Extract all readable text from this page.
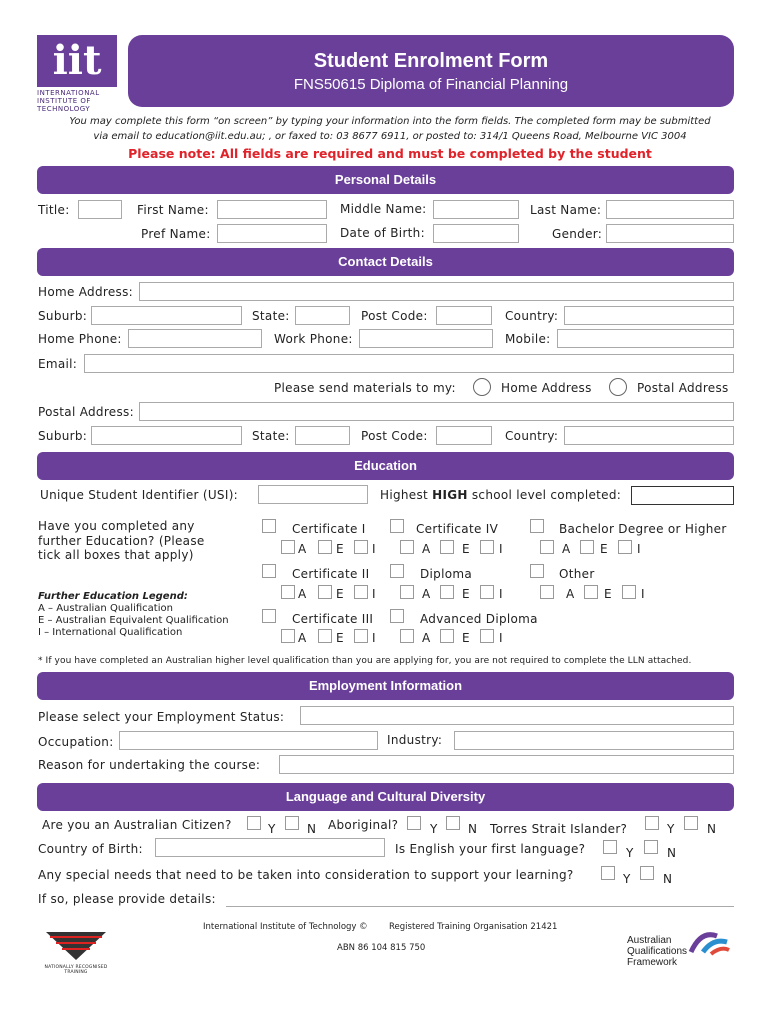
iit
INTERNATIONAL INSTITUTE OF TECHNOLOGY
Student Enrolment Form
FNS50615 Diploma of Financial Planning
You may complete this form “on screen” by typing your information into the form fields. The completed form may be submitted
via email to education@iit.edu.au; , or faxed to: 03 8677 6911, or posted to: 314/1 Queens Road, Melbourne VIC 3004
Please note: All fields are required and must be completed by the student
Personal Details
Title:	First Name:	Middle Name:	Last Name:
Pref Name:	Date of Birth:	Gender:
Contact Details
Home Address:
Suburb:	State:	Post Code:	Country:
Home Phone:	Work Phone:	Mobile:
Email:
Please send materials to my:	Home Address	Postal Address
Postal Address:
Suburb:	State:	Post Code:	Country:
Education
Unique Student Identifier (USI):	Highest HIGH school level completed:
Have you completed any further Education? (Please tick all boxes that apply)
Further Education Legend:
A – Australian Qualification
E – Australian Equivalent Qualification
I – International Qualification
Certificate I
A E I
Certificate IV
A	E I
Bachelor Degree or Higher
A E I
Certificate II
A E I
Diploma
A	E I
Other
A E I
Certificate III
A E I
Advanced Diploma
A	E I
* If you have completed an Australian higher level qualification than you are applying for, you are not required to complete the LLN attached.
Employment Information
Please select your Employment Status:
Occupation:	Industry:
Reason for undertaking the course:
Language and Cultural Diversity
Are you an Australian Citizen?	Y	N Aboriginal?	Y	N Torres Strait Islander?	Y	N
Country of Birth:	Is English your first language?	Y	N
Any special needs that need to be taken into consideration to support your learning?	Y	N
If so, please provide details:
International Institute of Technology ©	Registered Training Organisation 21421
ABN 86 104 815 750
NATIONALLY RECOGNISED TRAINING
Australian
Qualifications
Framework
